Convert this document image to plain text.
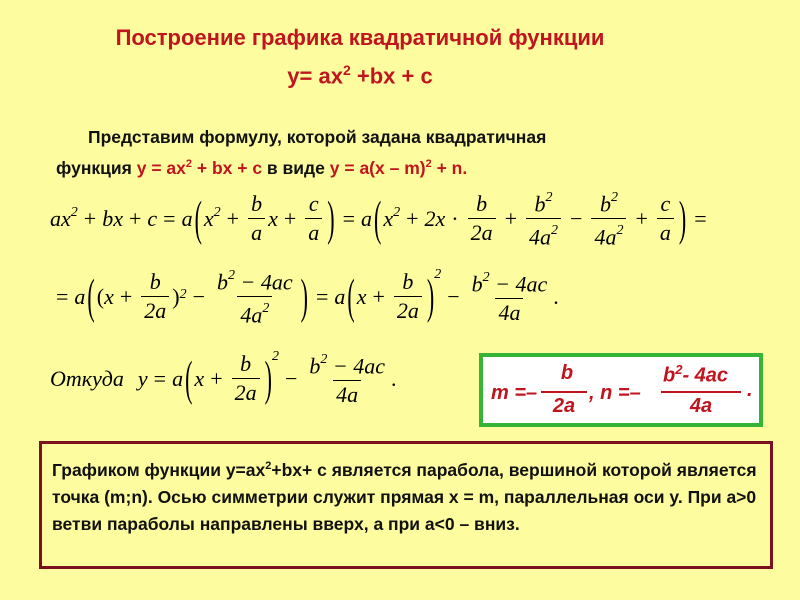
Построение графика квадратичной функции
$y= ax^2 +bx + c$
Представим формулу, которой задана квадратичная
функция $y = ax^2$ + bx + c в виде y = a(x – m)$^2$ + n.
$ax^2$ + bx + c = a ( $x^2 + \frac{b}{a}$ $x + \frac{c}{a}$ ) = a ( $x^2 + 2x \cdot \frac{b}{2a} + \frac{b^2}{4a^2} - \frac{b^2}{4a^2} + \frac{c}{a}$ ) =
= a ( ( $x + \frac{b}{2a} )^2 - \frac{b^2 - 4ac}{4a^2}$ ) = a ( $x + \frac{b}{2a}$ ) 2
− $\frac{b^2 - 4ac}{4a}$ .
Откуда y = a ( $x + \frac{b}{2a}$ ) 2
− $\frac{b^2 - 4ac}{4a}$ .
m =–
b
2a
, n =–
$b^2-$ 4ac
4a
.
Графиком функции $y=ax^2+bx+ c$ является парабола, вершиной которой является точка (m;n). Осью симметрии служит прямая x = m, параллельная оси y. При a>0 ветви параболы направлены вверх, а при a<0 – вниз.
